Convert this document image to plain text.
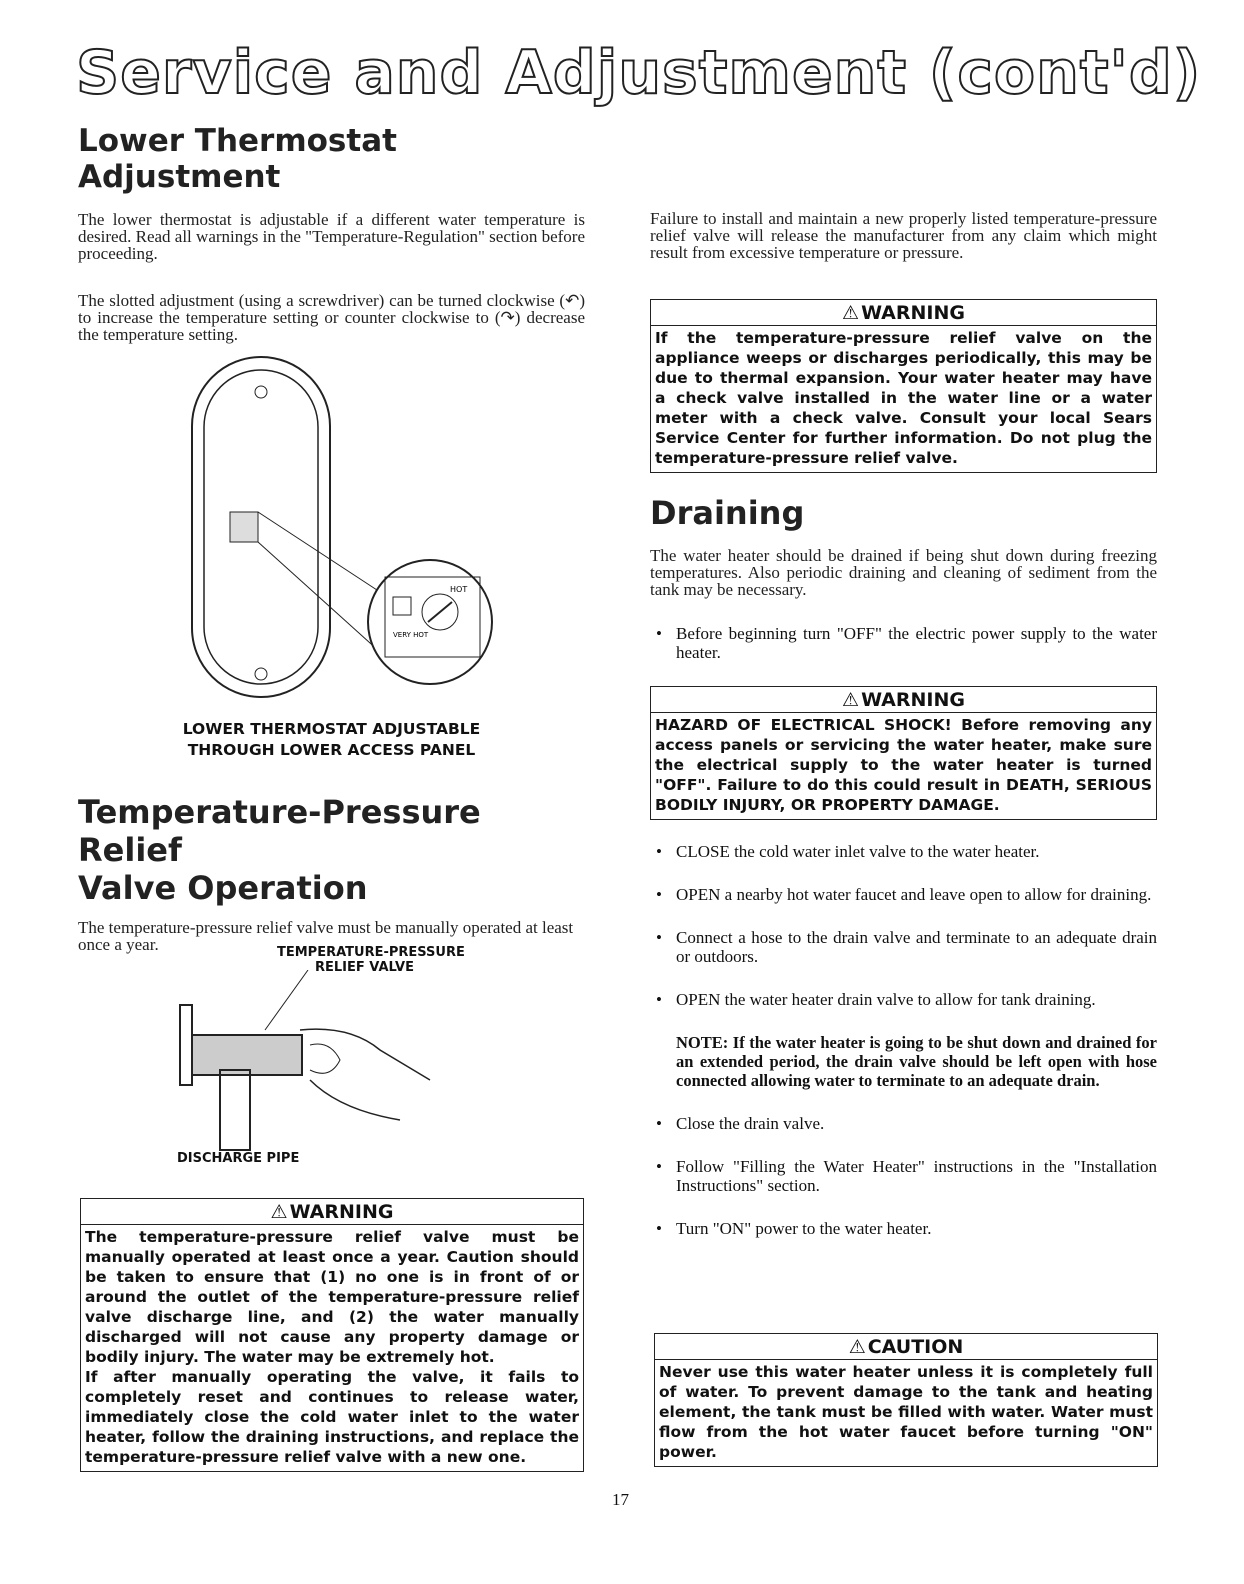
Service and Adjustment (cont'd)
Lower Thermostat
Adjustment

The lower thermostat is adjustable if a different water temperature is desired. Read all warnings in the "Temperature-Regulation" section before proceeding.

The slotted adjustment (using a screwdriver) can be turned clockwise (↶) to increase the temperature setting or counter clockwise to (↷) decrease the temperature setting.

HOT
VERY HOT
LOWER THERMOSTAT ADJUSTABLE
THROUGH LOWER ACCESS PANEL
Temperature-Pressure Relief
Valve Operation

The temperature-pressure relief valve must be manually operated at least once a year.	TEMPERATURE-PRESSURE
RELIEF VALVE
DISCHARGE PIPE
⚠ WARNING
The temperature-pressure relief valve must be manually operated at least once a year. Caution should be taken to ensure that (1) no one is in front of or around the outlet of the temperature-pressure relief valve discharge line, and (2) the water manually discharged will not cause any property damage or bodily injury. The water may be extremely hot.
If after manually operating the valve, it fails to completely reset and continues to release water, immediately close the cold water inlet to the water heater, follow the draining instructions, and replace the temperature-pressure relief valve with a new one.

Failure to install and maintain a new properly listed temperature-pressure relief valve will release the manufacturer from any claim which might result from excessive temperature or pressure.

⚠ WARNING
If the temperature-pressure relief valve on the appliance weeps or discharges periodically, this may be due to thermal expansion. Your water heater may have a check valve installed in the water line or a water meter with a check valve. Consult your local Sears Service Center for further information. Do not plug the temperature-pressure relief valve.
Draining

The water heater should be drained if being shut down during freezing temperatures. Also periodic draining and cleaning of sediment from the tank may be necessary.

• Before beginning turn "OFF" the electric power supply to the water heater.
⚠ WARNING
HAZARD OF ELECTRICAL SHOCK! Before removing any access panels or servicing the water heater, make sure the electrical supply to the water heater is turned "OFF". Failure to do this could result in DEATH, SERIOUS BODILY INJURY, OR PROPERTY DAMAGE.
• CLOSE the cold water inlet valve to the water heater.
• OPEN a nearby hot water faucet and leave open to allow for draining.
• Connect a hose to the drain valve and terminate to an adequate drain or outdoors.
• OPEN the water heater drain valve to allow for tank draining.
NOTE: If the water heater is going to be shut down and drained for an extended period, the drain valve should be left open with hose connected allowing water to terminate to an adequate drain.
• Close the drain valve.
• Follow "Filling the Water Heater" instructions in the "Installation Instructions" section.
• Turn "ON" power to the water heater.
⚠ CAUTION
Never use this water heater unless it is completely full of water. To prevent damage to the tank and heating element, the tank must be filled with water. Water must flow from the hot water faucet before turning "ON" power.
17
